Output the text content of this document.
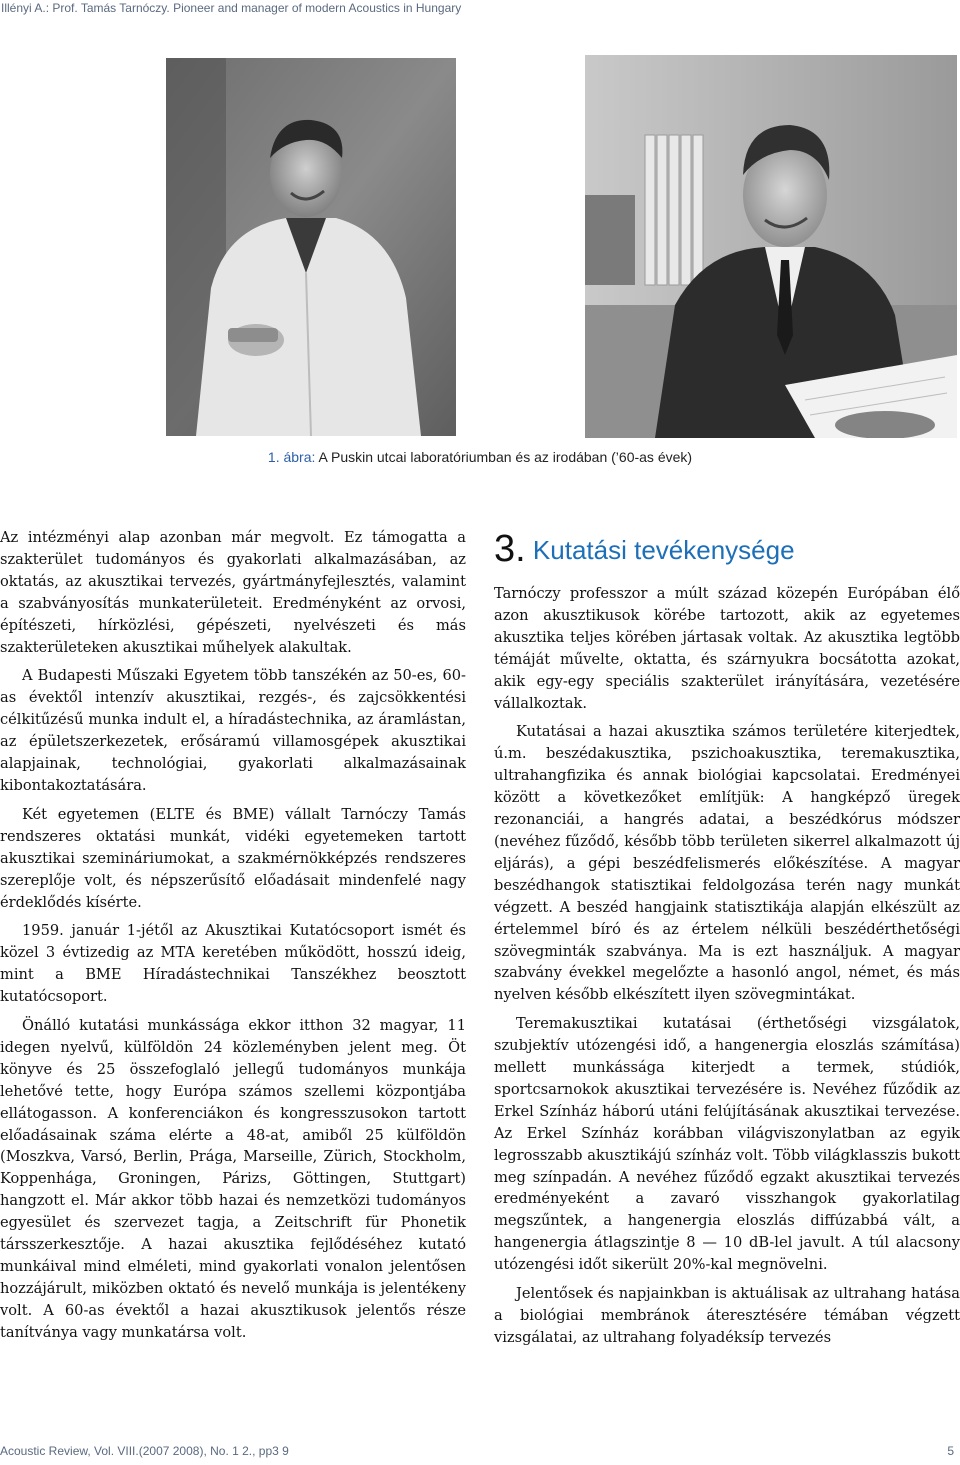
Illényi A.: Prof. Tamás Tarnóczy. Pioneer and manager of modern Acoustics in Hungary
1. ábra: A Puskin utcai laboratóriumban és az irodában (’60-as évek)

Az intézményi alap azonban már megvolt. Ez támogatta a szakterület tudományos és gyakorlati alkalmazásában, az oktatás, az akusztikai tervezés, gyártmányfejlesztés, valamint a szabványosítás munkaterületeit. Eredményként az orvosi, építészeti, hírközlési, gépészeti, nyelvészeti és más szakterületeken akusztikai műhelyek alakultak.

A Budapesti Műszaki Egyetem több tanszékén az 50-es, 60-as évektől intenzív akusztikai, rezgés-, és zajcsökkentési célkitűzésű munka indult el, a híradástechnika, az áramlástan, az épületszerkezetek, erősáramú villamosgépek akusztikai alapjainak, technológiai, gyakorlati alkalmazásainak kibontakoztatására.

Két egyetemen (ELTE és BME) vállalt Tarnóczy Tamás rendszeres oktatási munkát, vidéki egyetemeken tartott akusztikai szemináriumokat, a szakmérnökképzés rendszeres szereplője volt, és népszerűsítő előadásait mindenfelé nagy érdeklődés kísérte.

1959. január 1-jétől az Akusztikai Kutatócsoport ismét és közel 3 évtizedig az MTA keretében működött, hosszú ideig, mint a BME Híradástechnikai Tanszékhez beosztott kutatócsoport.

Önálló kutatási munkássága ekkor itthon 32 magyar, 11 idegen nyelvű, külföldön 24 közleményben jelent meg. Öt könyve és 25 összefoglaló jellegű tudományos munkája lehetővé tette, hogy Európa számos szellemi központjába ellátogasson. A konferenciákon és kongresszusokon tartott előadásainak száma elérte a 48-at, amiből 25 külföldön (Moszkva, Varsó, Berlin, Prága, Marseille, Zürich, Stockholm, Koppenhága, Groningen, Párizs, Göttingen, Stuttgart) hangzott el. Már akkor több hazai és nemzetközi tudományos egyesület és szervezet tagja, a Zeitschrift für Phonetik társszerkesztője. A hazai akusztika fejlődéséhez kutató munkáival mind elméleti, mind gyakorlati vonalon jelentősen hozzájárult, miközben oktató és nevelő munkája is jelentékeny volt. A 60-as évektől a hazai akusztikusok jelentős része tanítványa vagy munkatársa volt.

3. Kutatási tevékenysége

Tarnóczy professzor a múlt század közepén Európában élő azon akusztikusok körébe tartozott, akik az egyetemes akusztika teljes körében jártasak voltak. Az akusztika legtöbb témáját művelte, oktatta, és szárnyukra bocsátotta azokat, akik egy-egy speciális szakterület irányítására, vezetésére vállalkoztak.

Kutatásai a hazai akusztika számos területére kiterjedtek, ú.m. beszédakusztika, pszichoakusztika, teremakusztika, ultrahangfizika és annak biológiai kapcsolatai. Eredményei között a következőket említjük: A hangképző üregek rezonanciái, a hangrés adatai, a beszédkórus módszer (nevéhez fűződő, később több területen sikerrel alkalmazott új eljárás), a gépi beszédfelismerés előkészítése. A magyar beszédhangok statisztikai feldolgozása terén nagy munkát végzett. A beszéd hangjaink statisztikája alapján elkészült az értelemmel bíró és az értelem nélküli beszédérthetőségi szövegminták szabványa. Ma is ezt használjuk. A magyar szabvány évekkel megelőzte a hasonló angol, német, és más nyelven később elkészített ilyen szövegmintákat.

Teremakusztikai kutatásai (érthetőségi vizsgálatok, szubjektív utózengési idő, a hangenergia eloszlás számítása) mellett munkássága kiterjedt a termek, stúdiók, sportcsarnokok akusztikai tervezésére is. Nevéhez fűződik az Erkel Színház háború utáni felújításának akusztikai tervezése. Az Erkel Színház korábban világviszonylatban az egyik legrosszabb akusztikájú színház volt. Több világklasszis bukott meg színpadán. A nevéhez fűződő egzakt akusztikai tervezés eredményeként a zavaró visszhangok gyakorlatilag megszűntek, a hangenergia eloszlás diffúzabbá vált, a hangenergia átlagszintje 8 — 10 dB-lel javult. A túl alacsony utózengési időt sikerült 20%-kal megnövelni.

Jelentősek és napjainkban is aktuálisak az ultrahang hatása a biológiai membránok áteresztésére témában végzett vizsgálatai, az ultrahang folyadéksíp tervezés

Acoustic Review, Vol. VIII.(2007 2008), No. 1 2., pp3 9	5
